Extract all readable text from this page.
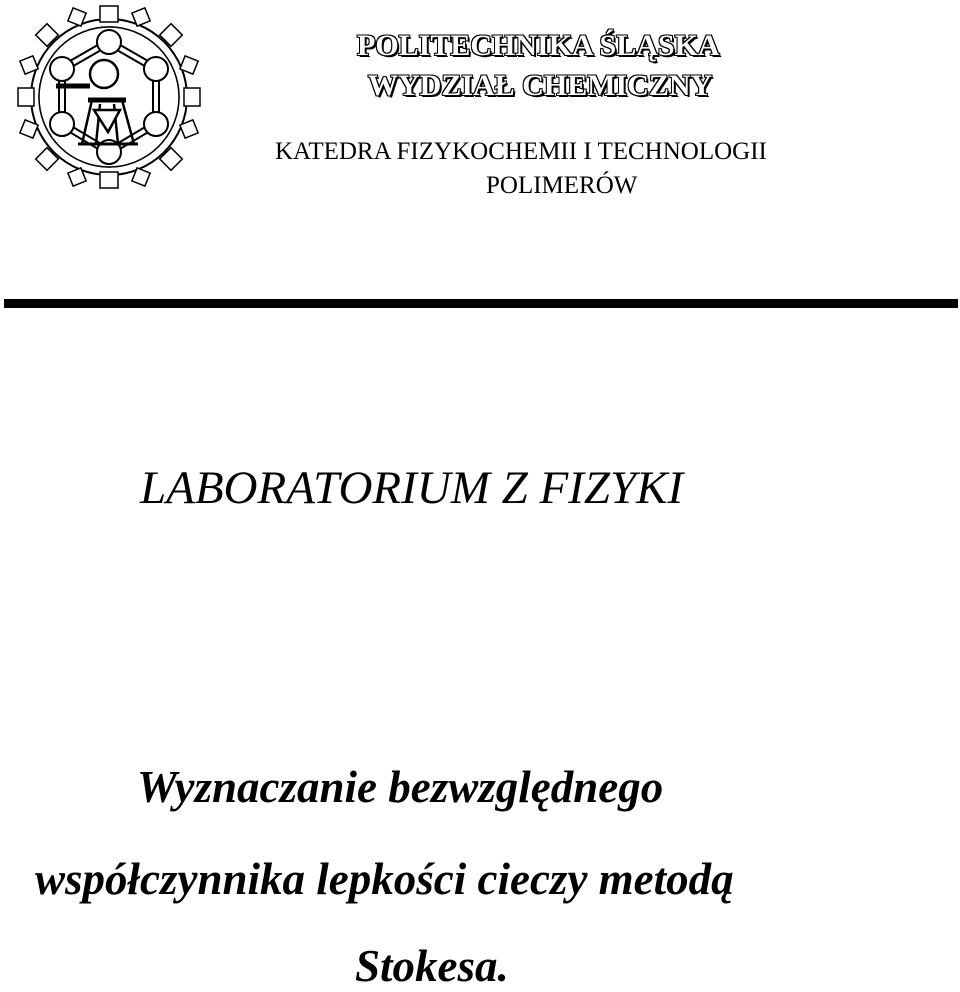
POLITECHNIKA ŚLĄSKA
WYDZIAŁ CHEMICZNY
KATEDRA FIZYKOCHEMII I TECHNOLOGII
POLIMERÓW
LABORATORIUM Z FIZYKI
Wyznaczanie bezwzględnego
współczynnika lepkości cieczy metodą
Stokesa.
